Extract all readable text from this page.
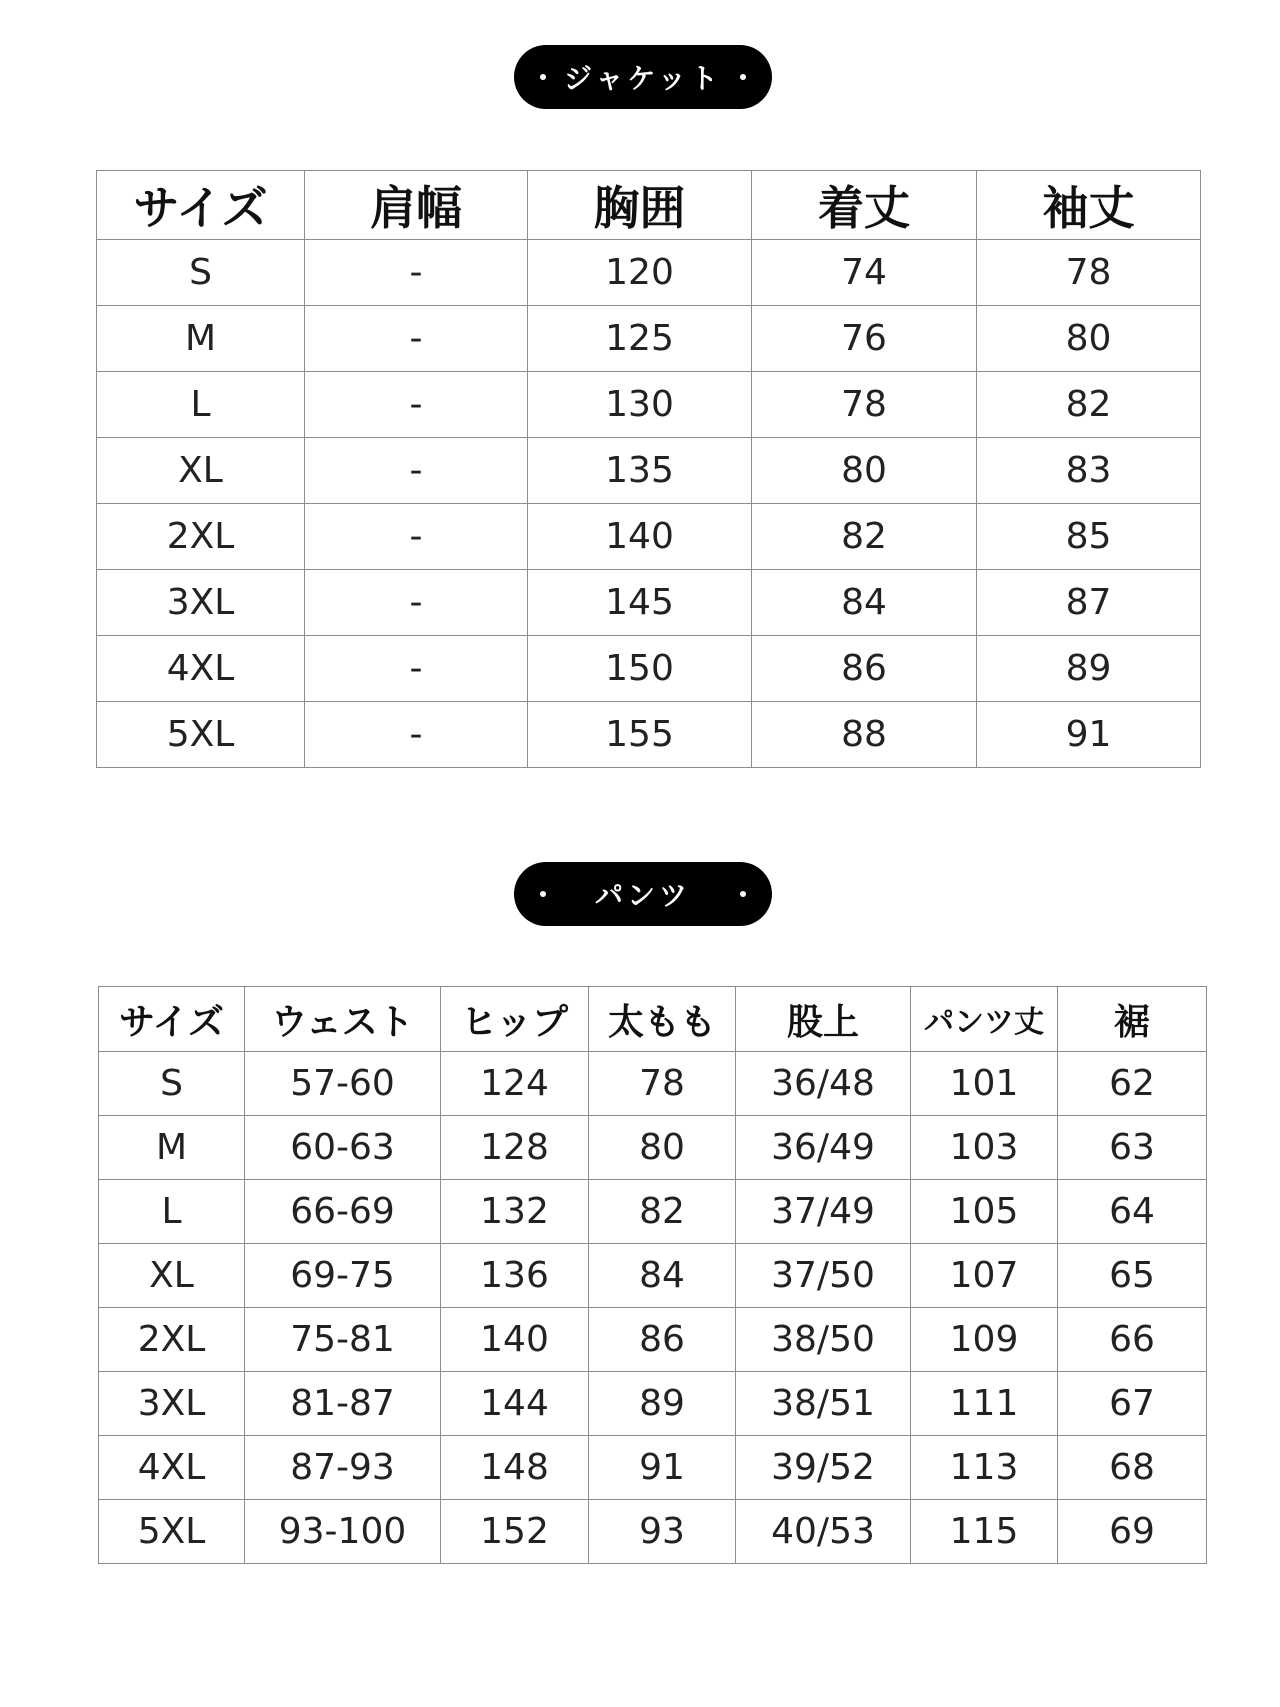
ジャケット
サイズ	肩幅	胸囲	着丈	袖丈
S	-	120	74	78
M	-	125	76	80
L	-	130	78	82
XL	-	135	80	83
2XL	-	140	82	85
3XL	-	145	84	87
4XL	-	150	86	89
5XL	-	155	88	91
パンツ
サイズ	ウェスト	ヒップ	太もも	股上	パンツ丈	裾
S	57-60	124	78	36/48	101	62
M	60-63	128	80	36/49	103	63
L	66-69	132	82	37/49	105	64
XL	69-75	136	84	37/50	107	65
2XL	75-81	140	86	38/50	109	66
3XL	81-87	144	89	38/51	111	67
4XL	87-93	148	91	39/52	113	68
5XL	93-100	152	93	40/53	115	69
